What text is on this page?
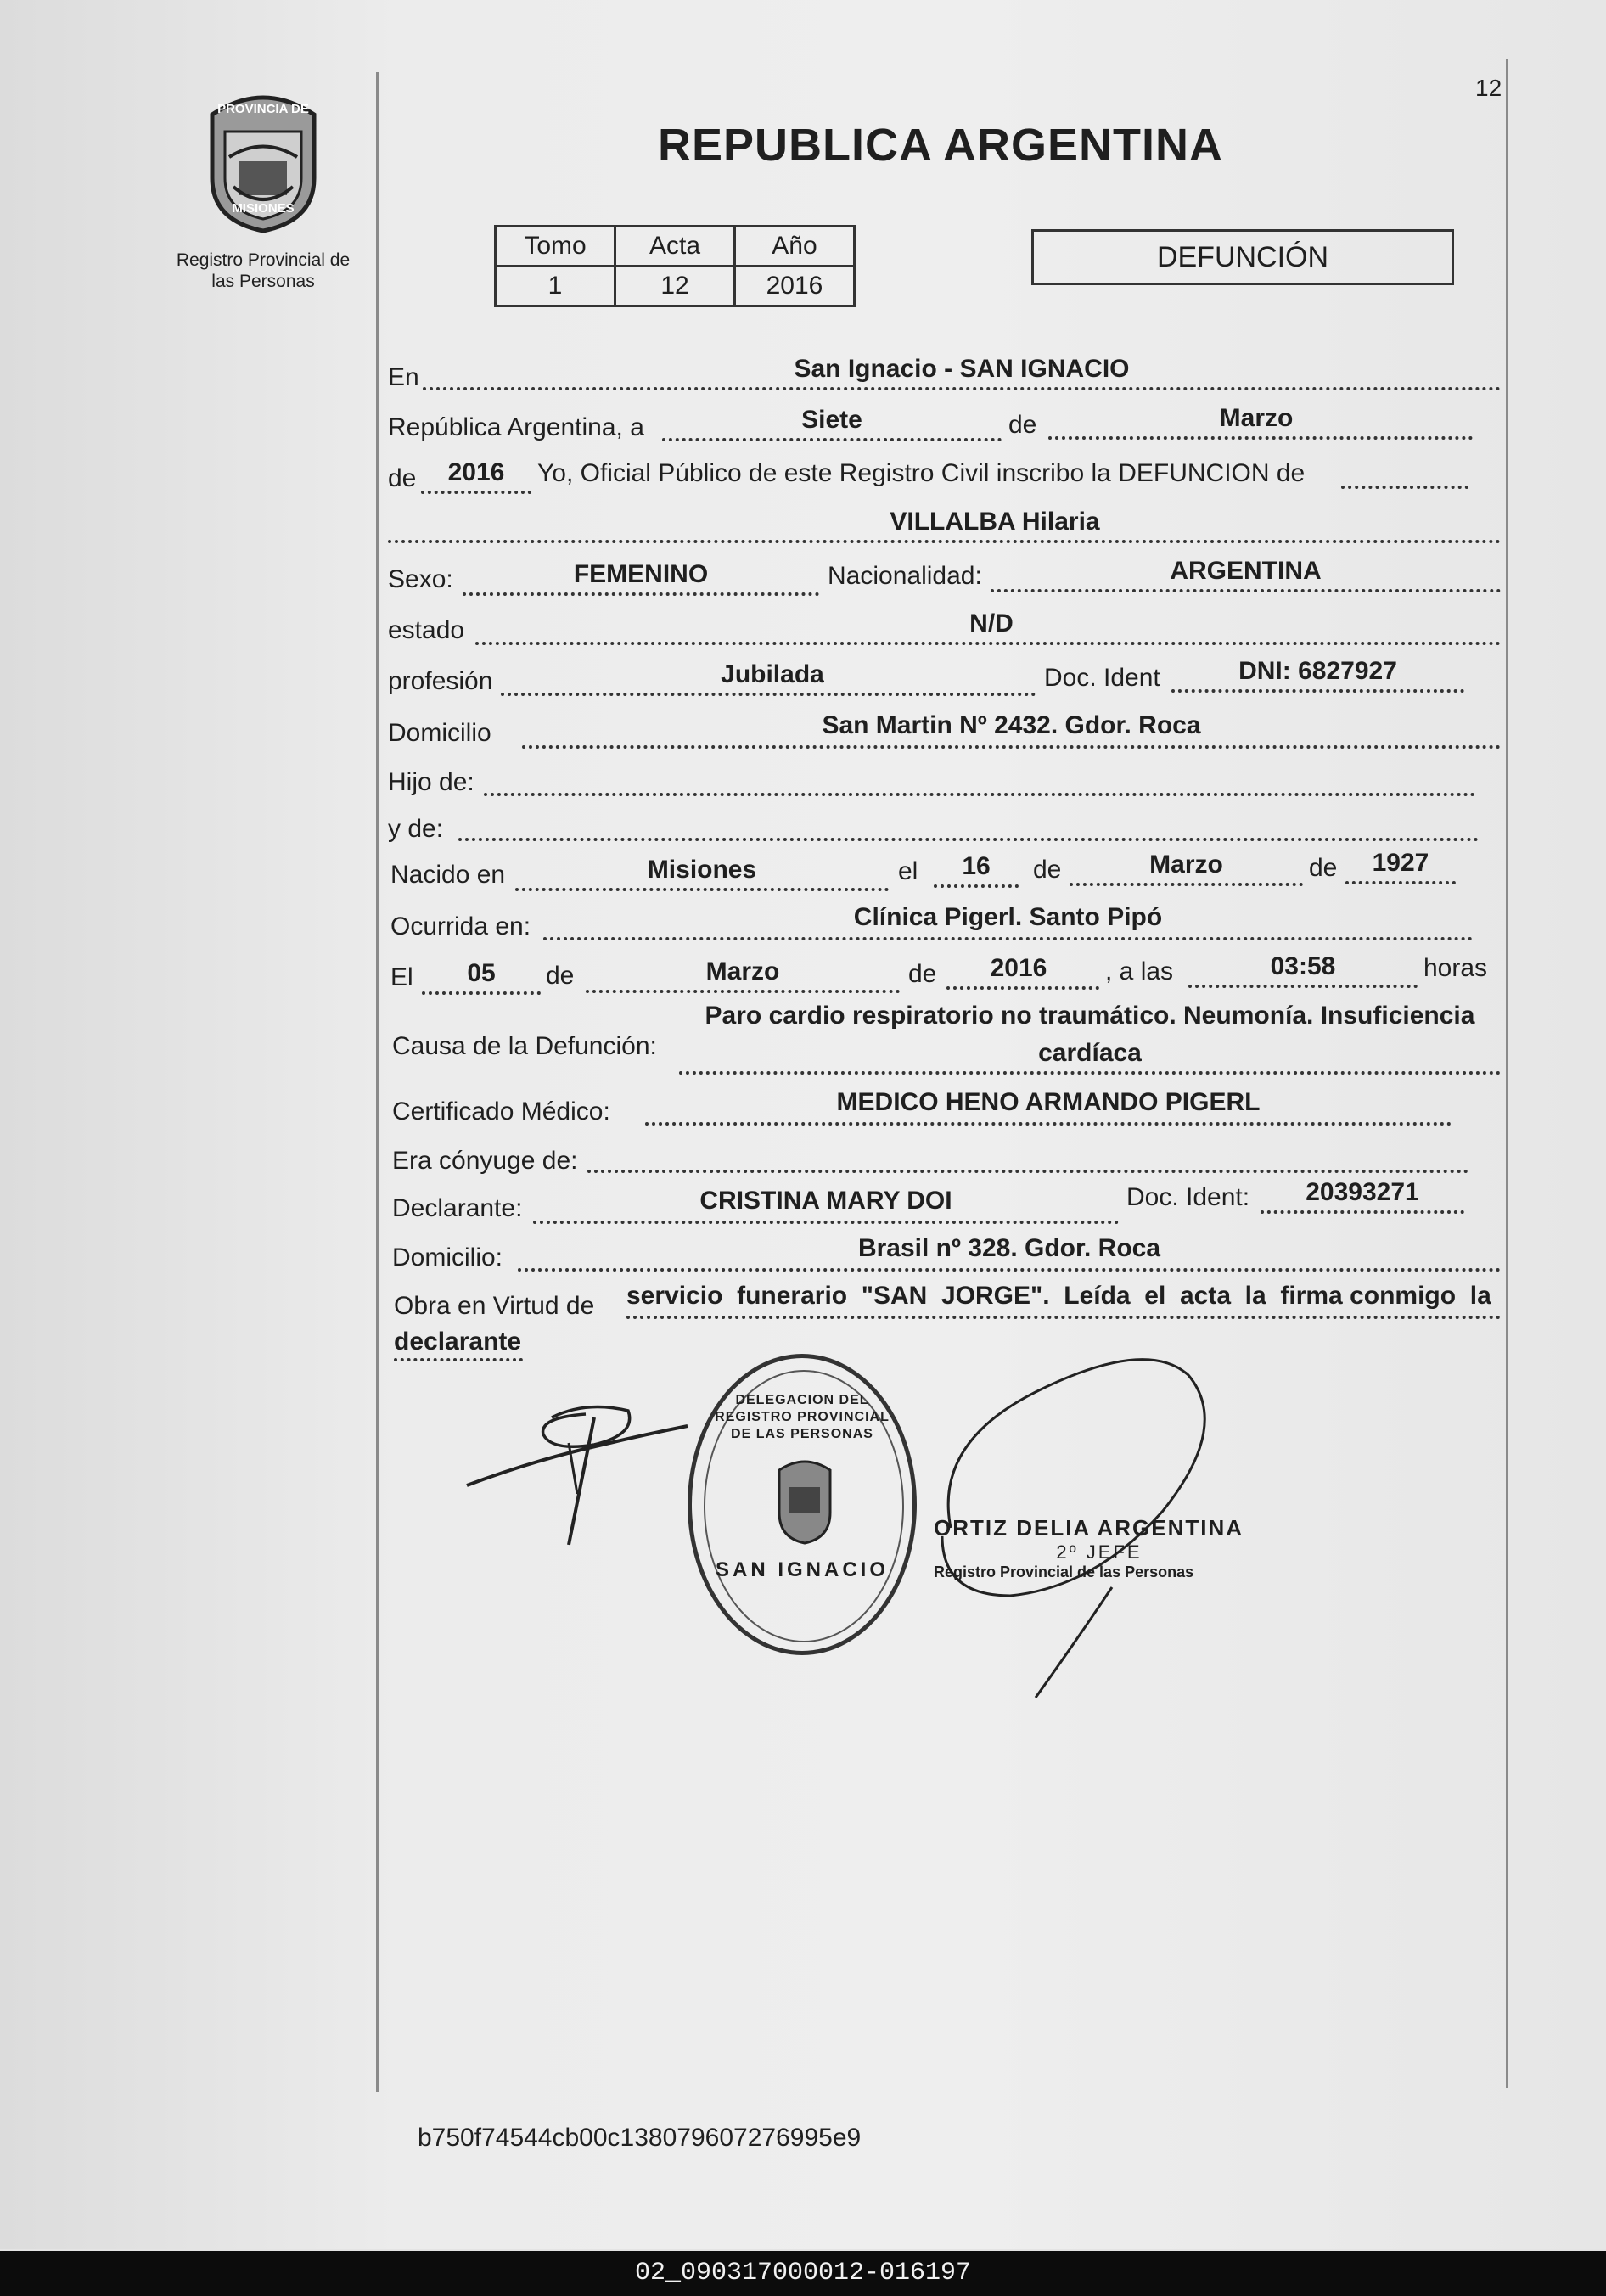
12
PROVINCIA DE
MISIONES
Registro Provincial de
las Personas
REPUBLICA ARGENTINA
Tomo	Acta	Año
1	12	2016
DEFUNCIÓN
En	San Ignacio - SAN IGNACIO
República Argentina, a	Siete	de	Marzo
de	2016	Yo, Oficial Público de este Registro Civil inscribo la DEFUNCION de
VILLALBA Hilaria
Sexo:	FEMENINO	Nacionalidad:	ARGENTINA
estado	N/D
profesión	Jubilada	Doc. Ident	DNI: 6827927
Domicilio	San Martin Nº 2432. Gdor. Roca
Hijo de:
y de:
Nacido en	Misiones	el	16	de	Marzo	de	1927
Ocurrida en:	Clínica Pigerl. Santo Pipó
El	05	de	Marzo	de	2016	, a las	03:58	horas
Causa de la Defunción:
Paro cardio respiratorio no traumático. Neumonía. Insuficiencia
cardíaca
Certificado Médico:	MEDICO HENO ARMANDO PIGERL
Era cónyuge de:
Declarante:	CRISTINA MARY DOI	Doc. Ident:	20393271
Domicilio:	Brasil nº 328. Gdor. Roca
Obra en Virtud de servicio  funerario  "SAN  JORGE".  Leída  el  acta  la  firma conmigo  la
declarante
DELEGACION DEL REGISTRO PROVINCIAL DE LAS PERSONAS
SAN IGNACIO
ORTIZ DELIA ARGENTINA
2º JEFE
Registro Provincial de las Personas
b750f74544cb00c138079607276995e9
02_090317000012-016197
